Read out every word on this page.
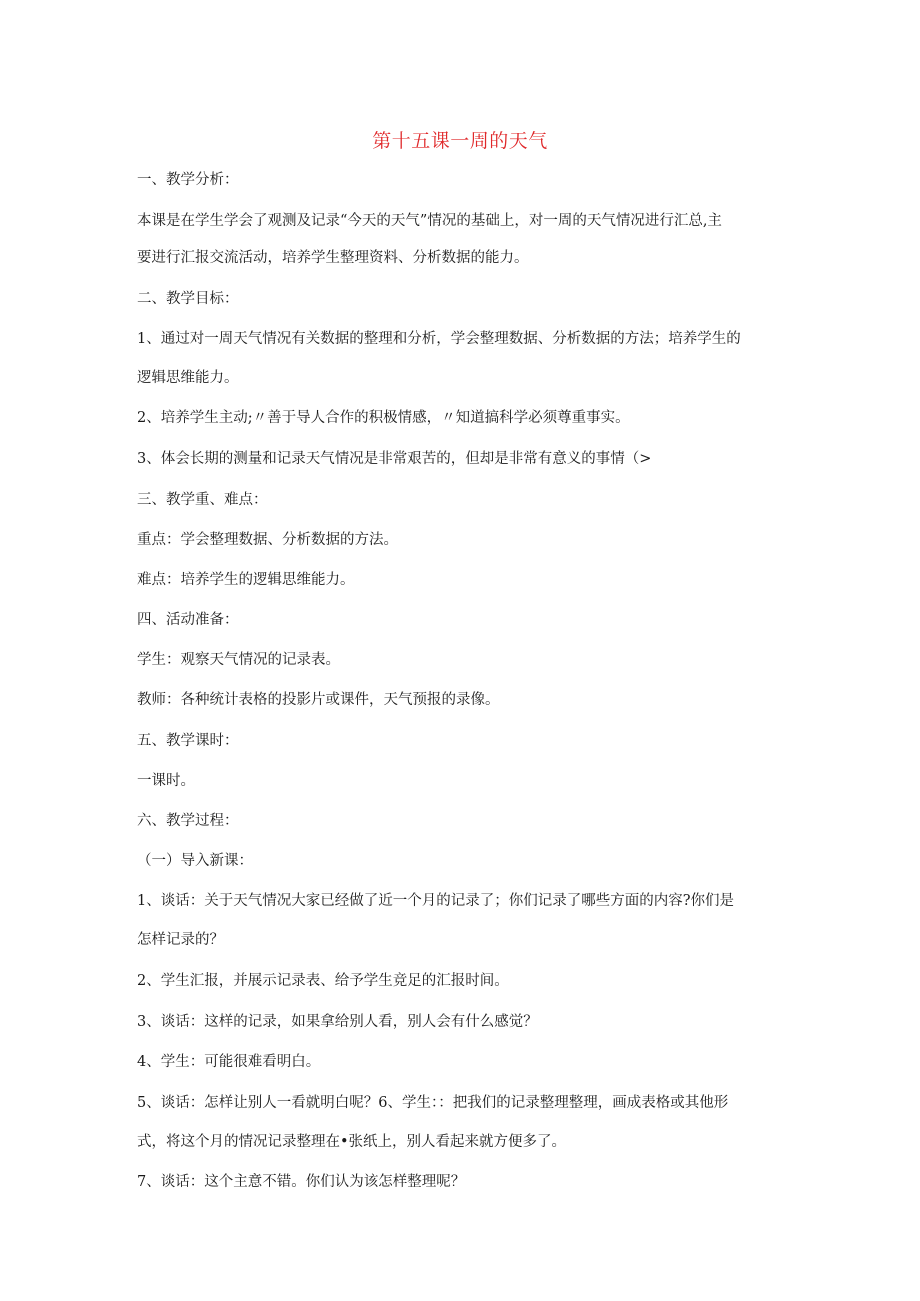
第十五课一周的天气
一、教学分析：
本课是在学生学会了观测及记录“今天的天气”情况的基础上，对一周的天气情况进行汇总,主
要进行汇报交流活动，培养学生整理资料、分析数据的能力。
二、教学目标：
1、通过对一周天气情况有关数据的整理和分析，学会整理数据、分析数据的方法；培养学生的
逻辑思维能力。
2、培养学生主动;〃善于导人合作的积极情感，〃知道搞科学必须尊重事实。
3、体会长期的测量和记录天气情况是非常艰苦的，但却是非常有意义的事情（>
三、教学重、难点：
重点：学会整理数据、分析数据的方法。
难点：培养学生的逻辑思维能力。
四、活动准备：
学生：观察天气情况的记录表。
教师：各种统计表格的投影片或课件，天气预报的录像。
五、教学课时：
一课时。
六、教学过程：
（一）导入新课：
1、谈话：关于天气情况大家已经做了近一个月的记录了；你们记录了哪些方面的内容?你们是
怎样记录的？
2、学生汇报，并展示记录表、给予学生竞足的汇报时间。
3、谈话：这样的记录，如果拿给别人看，别人会有什么感觉？
4、学生：可能很难看明白。
5、谈话：怎样让别人一看就明白呢？6、学生：：把我们的记录整理整理，画成表格或其他形
式，将这个月的情况记录整理在•张纸上，别人看起来就方便多了。
7、谈话：这个主意不错。你们认为该怎样整理呢？
